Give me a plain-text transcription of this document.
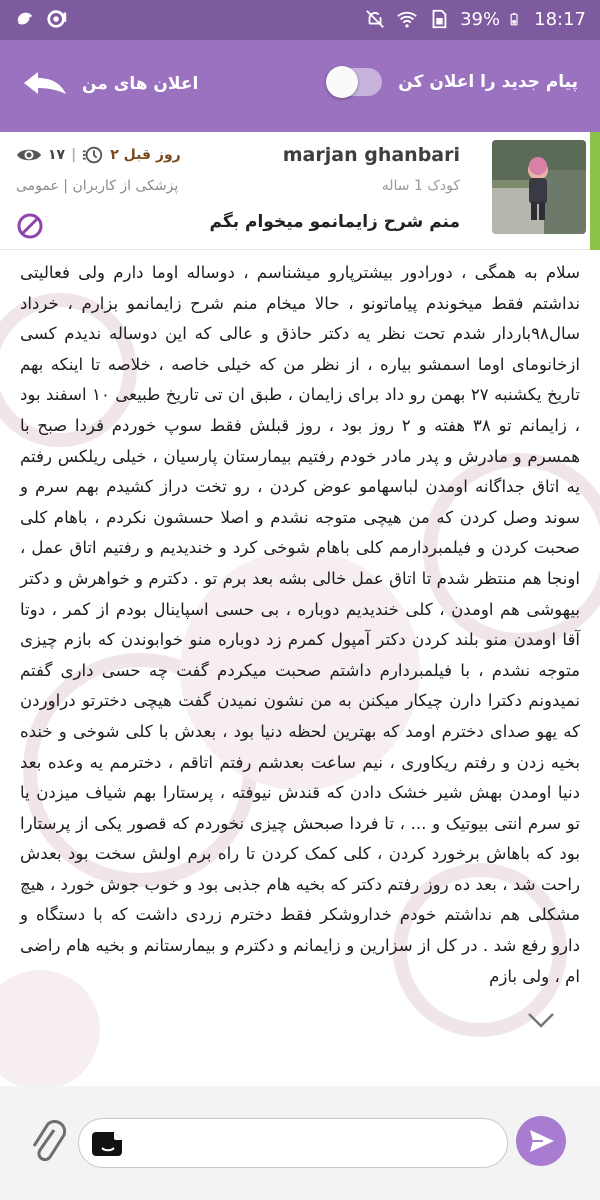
39% 18:17
اعلان های من	پیام جدید را اعلان کن
marjan ghanbari
کودک 1 ساله
منم شرح زایمانمو میخوام بگم
۱۷ | ۲ روز قبل
پزشکی از کاربران | عمومی
سلام به همگی ، دورادور بیشترپارو میشناسم ، دوساله اوما دارم ولی فعالیتی نداشتم فقط میخوندم پیاماتونو ، حالا میخام منم شرح زایمانمو بزارم ، خرداد سال۹۸باردار شدم تحت نظر یه دکتر حاذق و عالی که این دوساله ندیدم کسی ازخانومای اوما اسمشو بیاره ، از نظر من که خیلی خاصه ، خلاصه تا اینکه بهم تاریخ یکشنبه ۲۷ بهمن رو داد برای زایمان ، طبق ان تی تاریخ طبیعی ۱۰ اسفند بود ، زایمانم تو ۳۸ هفته و ۲ روز بود ، روز قبلش فقط سوپ خوردم فردا صبح با همسرم و مادرش و پدر مادر خودم رفتیم بیمارستان پارسیان ، خیلی ریلکس رفتم یه اتاق جداگانه اومدن لباسهامو عوض کردن ، رو تخت دراز کشیدم بهم سرم و سوند وصل کردن که من هیچی متوجه نشدم و اصلا حسشون نکردم ، باهام کلی صحبت کردن و فیلمبردارمم کلی باهام شوخی کرد و خندیدیم و رفتیم اتاق عمل ، اونجا هم منتظر شدم تا اتاق عمل خالی بشه بعد برم تو . دکترم و خواهرش و دکتر بیهوشی هم اومدن ، کلی خندیدیم دوباره ، بی حسی اسپاینال بودم از کمر ، دوتا آقا اومدن منو بلند کردن دکتر آمپول کمرم زد دوباره منو خوابوندن که بازم چیزی متوجه نشدم ، با فیلمبردارم داشتم صحبت میکردم گفت چه حسی داری گفتم نمیدونم دکترا دارن چیکار میکنن به من نشون نمیدن گفت هیچی دخترتو دراوردن که یهو صدای دخترم اومد که بهترین لحظه دنیا بود ، بعدش با کلی شوخی و خنده بخیه زدن و رفتم ریکاوری ، نیم ساعت بعدشم رفتم اتاقم ، دخترمم یه وعده بعد دنیا اومدن بهش شیر خشک دادن که قندش نیوفته ، پرستارا بهم شیاف میزدن یا تو سرم انتی بیوتیک و ... ، تا فردا صبحش چیزی نخوردم که قصور یکی از پرستارا بود که باهاش برخورد کردن ، کلی کمک کردن تا راه برم اولش سخت بود بعدش راحت شد ، بعد ده روز رفتم دکتر که بخیه هام جذبی بود و خوب جوش خورد ، هیچ مشکلی هم نداشتم خودم خداروشکر فقط دخترم زردی داشت که با دستگاه و دارو رفع شد . در کل از سزارین و زایمانم و دکترم و بیمارستانم و بخیه هام راضی ام ، ولی بازم
